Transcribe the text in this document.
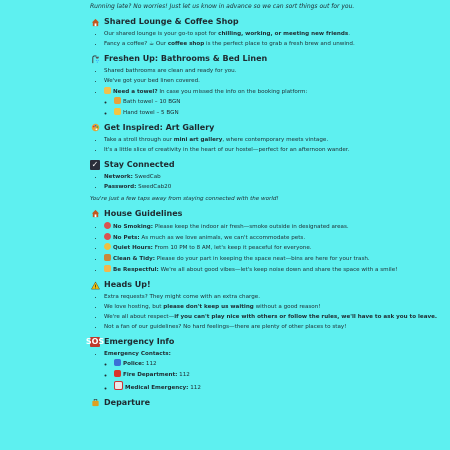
Running late? No worries! Just let us know in advance so we can sort things out for you.
Shared Lounge & Coffee Shop
• Our shared lounge is your go-to spot for chilling, working, or meeting new friends.
• Fancy a coffee? ☕ Our coffee shop is the perfect place to grab a fresh brew and unwind.
Freshen Up: Bathrooms & Bed Linen
• Shared bathrooms are clean and ready for you.
• We've got your bed linen covered.
• Need a towel? In case you missed the info on the booking platform:
◦ Bath towel – 10 BGN
◦ Hand towel – 5 BGN
Get Inspired: Art Gallery
• Take a stroll through our mini art gallery, where contemporary meets vintage.
• It's a little slice of creativity in the heart of our hostel—perfect for an afternoon wander.
✓ Stay Connected
• Network: SwedCab
• Password: SwedCab20
You're just a few taps away from staying connected with the world!
House Guidelines
• No Smoking: Please keep the indoor air fresh—smoke outside in designated areas.
• No Pets: As much as we love animals, we can't accommodate pets.
• Quiet Hours: From 10 PM to 8 AM, let's keep it peaceful for everyone.
• Clean & Tidy: Please do your part in keeping the space neat—bins are here for your trash.
• Be Respectful: We're all about good vibes—let's keep noise down and share the space with a smile!
Heads Up!
• Extra requests? They might come with an extra charge.
• We love hosting, but please don't keep us waiting without a good reason!
• We're all about respect—if you can't play nice with others or follow the rules, we'll have to ask you to leave.
• Not a fan of our guidelines? No hard feelings—there are plenty of other places to stay!
SOS Emergency Info
• Emergency Contacts:
◦ Police: 112
◦ Fire Department: 112
◦ Medical Emergency: 112
Departure
